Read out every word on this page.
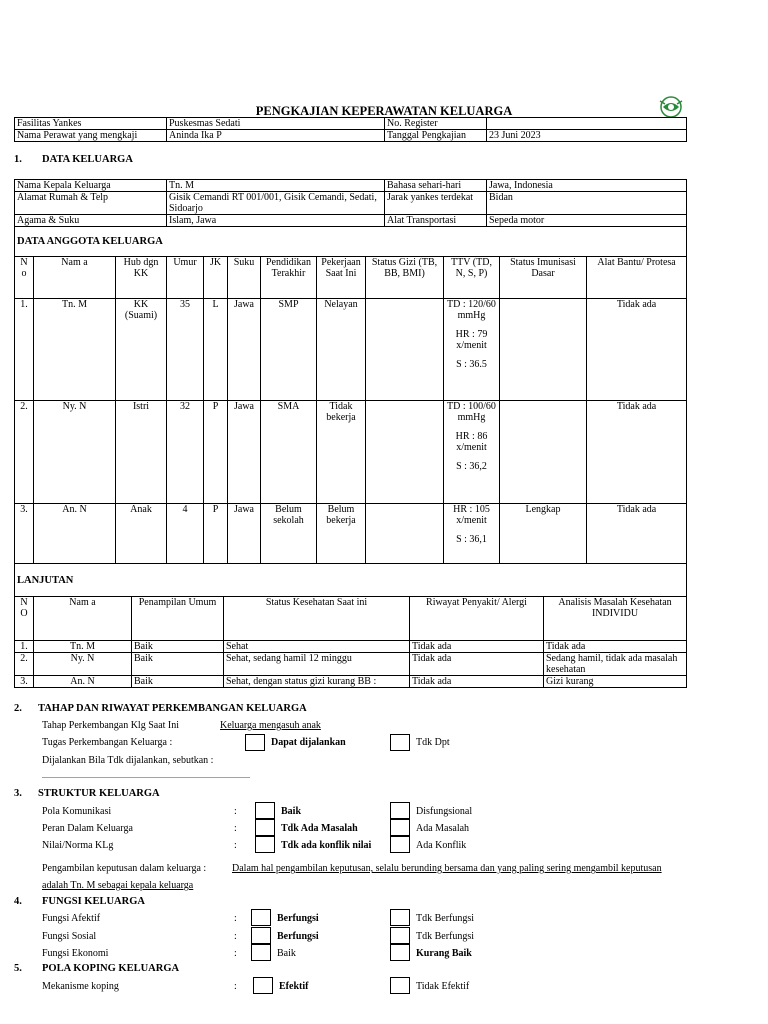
PENGKAJIAN KEPERAWATAN KELUARGA
Fasilitas Yankes	Puskesmas Sedati	No. Register	
Nama Perawat yang mengkaji	Aninda Ika P	Tanggal Pengkajian	23 Juni 2023
1. DATA KELUARGA
Nama Kepala Keluarga	Tn. M	Bahasa sehari-hari	Jawa, Indonesia
Alamat Rumah & Telp	Gisik Cemandi RT 001/001, Gisik Cemandi, Sedati, Sidoarjo	Jarak yankes terdekat	Bidan
Agama & Suku	Islam, Jawa	Alat Transportasi	Sepeda motor
DATA ANGGOTA KELUARGA											
N o	Nam a	Hub dgn KK	Umur	JK	Suku	Pendidikan Terakhir	Pekerjaan Saat Ini	Status Gizi (TB, BB, BMI)	TTV (TD, N, S, P)	Status Imunisasi Dasar	Alat Bantu/ Protesa
1.	Tn. M	KK (Suami)	35	L	Jawa	SMP	Nelayan		TD : 120/60 mmHg
HR : 79 x/menit
S : 36.5		Tidak ada
2.	Ny. N	Istri	32	P	Jawa	SMA	Tidak bekerja		TD : 100/60 mmHg
HR : 86 x/menit
S : 36,2		Tidak ada
3.	An. N	Anak	4	P	Jawa	Belum sekolah	Belum bekerja		HR : 105 x/menit
S : 36,1	Lengkap	Tidak ada
LANJUTAN					
N O	Nam a	Penampilan Umum	Status Kesehatan Saat ini	Riwayat Penyakit/ Alergi	Analisis Masalah Kesehatan INDIVIDU
1.	Tn. M	Baik	Sehat	Tidak ada	Tidak ada
2.	Ny. N	Baik	Sehat, sedang hamil 12 minggu	Tidak ada	Sedang hamil, tidak ada masalah kesehatan
3.	An. N	Baik	Sehat, dengan status gizi kurang BB :	Tidak ada	Gizi kurang
2. TAHAP DAN RIWAYAT PERKEMBANGAN KELUARGA
Tahap Perkembangan Klg Saat Ini	Keluarga mengasuh anak
Tugas Perkembangan Keluarga :	Dapat dijalankan	Tdk Dpt
Dijalankan Bila Tdk dijalankan, sebutkan :
........................................................................................................
3. STRUKTUR KELUARGA
Pola Komunikasi	:	Baik	Disfungsional
Peran Dalam Keluarga	:	Tdk Ada Masalah	Ada Masalah
Nilai/Norma KLg	:	Tdk ada konflik nilai	Ada Konflik
Pengambilan keputusan dalam keluarga :	Dalam hal pengambilan keputusan, selalu berunding bersama dan yang paling sering mengambil keputusan
adalah Tn. M sebagai kepala keluarga
4. FUNGSI KELUARGA
Fungsi Afektif	:	Berfungsi	Tdk Berfungsi
Fungsi Sosial	:	Berfungsi	Tdk Berfungsi
Fungsi Ekonomi	:	Baik	Kurang Baik
5. POLA KOPING KELUARGA
Mekanisme koping	:	Efektif	Tidak Efektif
